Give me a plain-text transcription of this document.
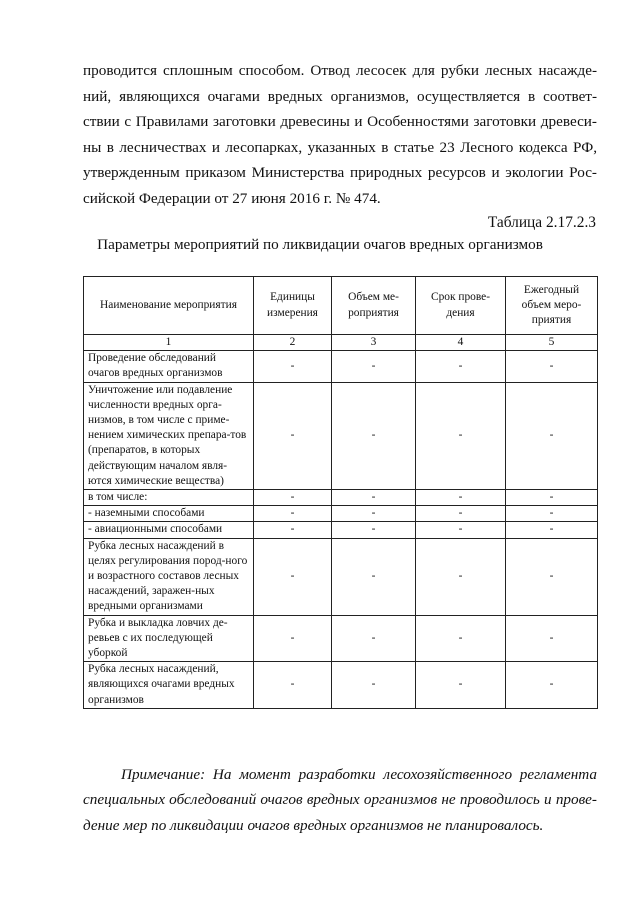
проводится сплошным способом. Отвод лесосек для рубки лесных насажде-
ний, являющихся очагами вредных организмов, осуществляется в соответ-
ствии с Правилами заготовки древесины и Особенностями заготовки древеси-
ны в лесничествах и лесопарках, указанных в статье 23 Лесного кодекса РФ,
утвержденным приказом Министерства природных ресурсов и экологии Рос-
сийской Федерации от 27 июня 2016 г. № 474.
Таблица 2.17.2.3
Параметры мероприятий по ликвидации очагов вредных организмов
Наименование мероприятия	Единицы измерения	Объем ме-роприятия	Срок прове-дения	Ежегодный объем меро-приятия
1	2	3	4	5
Проведение обследований очагов вредных организмов	-	-	-	-
Уничтожение или подавление численности вредных орга-низмов, в том числе с приме-нением химических препара-тов (препаратов, в которых действующим началом явля-ются химические вещества)	-	-	-	-
в том числе:	-	-	-	-
- наземными способами	-	-	-	-
- авиационными способами	-	-	-	-
Рубка лесных насаждений в целях регулирования пород-ного и возрастного составов лесных насаждений, заражен-ных вредными организмами	-	-	-	-
Рубка и выкладка ловчих де-ревьев с их последующей уборкой	-	-	-	-
Рубка лесных насаждений, являющихся очагами вредных организмов	-	-	-	-
Примечание: На момент разработки лесохозяйственного регламента
специальных обследований очагов вредных организмов не проводилось и прове-
дение мер по ликвидации очагов вредных организмов не планировалось.
